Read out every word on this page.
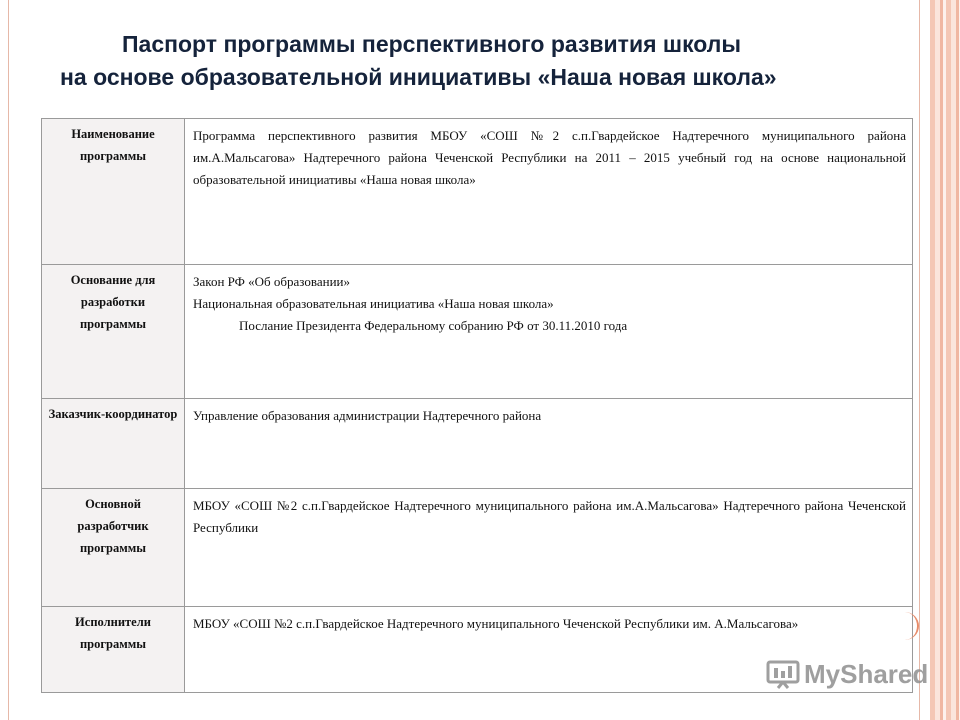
Паспорт программы перспективного развития школы
на основе образовательной инициативы «Наша новая школа»
Наименование программы	Программа перспективного развития МБОУ «СОШ №2 с.п.Гвардейское Надтеречного муниципального района им.А.Мальсагова» Надтеречного района Чеченской Республики на 2011 – 2015 учебный год на основе национальной образовательной инициативы «Наша новая школа»
Основание для разработки программы	Закон РФ «Об образовании»
Национальная образовательная инициатива «Наша новая школа»
Послание Президента Федеральному собранию РФ от 30.11.2010 года

Заказчик-координатор	Управление образования администрации Надтеречного района
Основной разработчик программы	МБОУ «СОШ №2 с.п.Гвардейское Надтеречного муниципального района им.А.Мальсагова» Надтеречного района Чеченской Республики
Исполнители программы	МБОУ «СОШ №2 с.п.Гвардейское Надтеречного муниципального Чеченской Республики им. А.Мальсагова»
MyShared
